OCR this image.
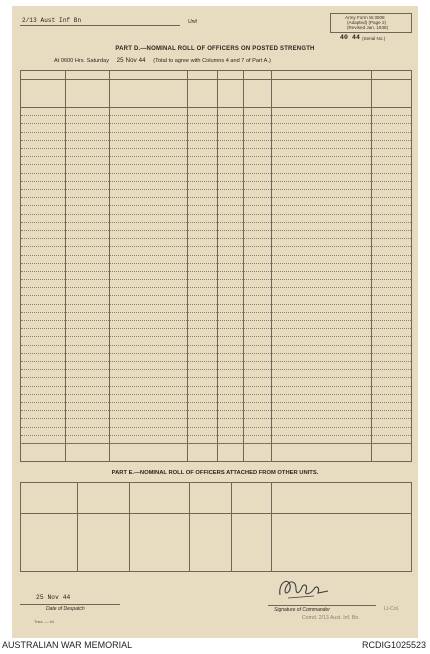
2/13 Aust Inf Bn	Unit
Army Form W.3008
(Adapted) (Page 2)
(Revised Jan. 1938)
40 44 (Serial No.)
PART D.—NOMINAL ROLL OF OFFICERS ON POSTED STRENGTH
At 0600 Hrs. Saturday 25 Nov 44 (Total to agree with Columns 4 and 7 of Part A.)
PART E.—NOMINAL ROLL OF OFFICERS ATTACHED FROM OTHER UNITS.
25 Nov 44
Date of Despatch
Trsur. — 44
Signature of Commander	Lt-Col.
Comd. 2/13 Aust. Inf. Bn.
AUSTRALIAN WAR MEMORIAL	RCDIG1025523
